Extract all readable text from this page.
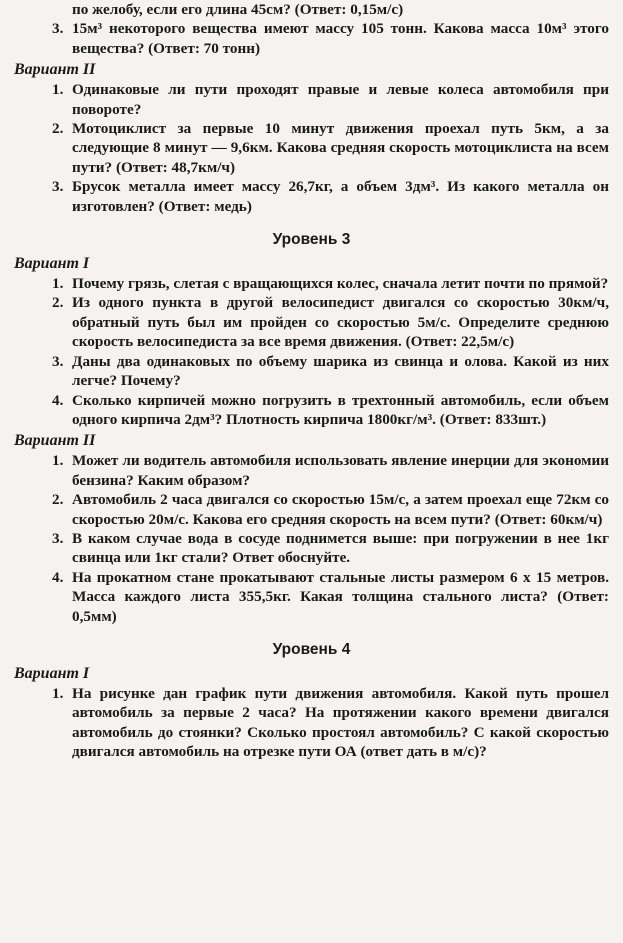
по желобу, если его длина 45см? (Ответ: 0,15м/с)
3. 15м³ некоторого вещества имеют массу 105 тонн. Какова масса 10м³ этого вещества? (Ответ: 70 тонн)
Вариант II
1. Одинаковые ли пути проходят правые и левые колеса автомобиля при повороте?
2. Мотоциклист за первые 10 минут движения проехал путь 5км, а за следующие 8 минут — 9,6км. Какова средняя скорость мотоциклиста на всем пути? (Ответ: 48,7км/ч)
3. Брусок металла имеет массу 26,7кг, а объем 3дм³. Из какого металла он изготовлен? (Ответ: медь)
Уровень 3
Вариант I
1. Почему грязь, слетая с вращающихся колес, сначала летит почти по прямой?
2. Из одного пункта в другой велосипедист двигался со скоростью 30км/ч, обратный путь был им пройден со скоростью 5м/с. Определите среднюю скорость велосипедиста за все время движения. (Ответ: 22,5м/с)
3. Даны два одинаковых по объему шарика из свинца и олова. Какой из них легче? Почему?
4. Сколько кирпичей можно погрузить в трехтонный автомобиль, если объем одного кирпича 2дм³? Плотность кирпича 1800кг/м³. (Ответ: 833шт.)
Вариант II
1. Может ли водитель автомобиля использовать явление инерции для экономии бензина? Каким образом?
2. Автомобиль 2 часа двигался со скоростью 15м/с, а затем проехал еще 72км со скоростью 20м/с. Какова его средняя скорость на всем пути? (Ответ: 60км/ч)
3. В каком случае вода в сосуде поднимется выше: при погружении в нее 1кг свинца или 1кг стали? Ответ обоснуйте.
4. На прокатном стане прокатывают стальные листы размером 6 x 15 метров. Масса каждого листа 355,5кг. Какая толщина стального листа? (Ответ: 0,5мм)
Уровень 4
Вариант I
1. На рисунке дан график пути движения автомобиля. Какой путь прошел автомобиль за первые 2 часа? На протяжении какого времени двигался автомобиль до стоянки? Сколько простоял автомобиль? С какой скоростью двигался автомобиль на отрезке пути ОА (ответ дать в м/с)?
